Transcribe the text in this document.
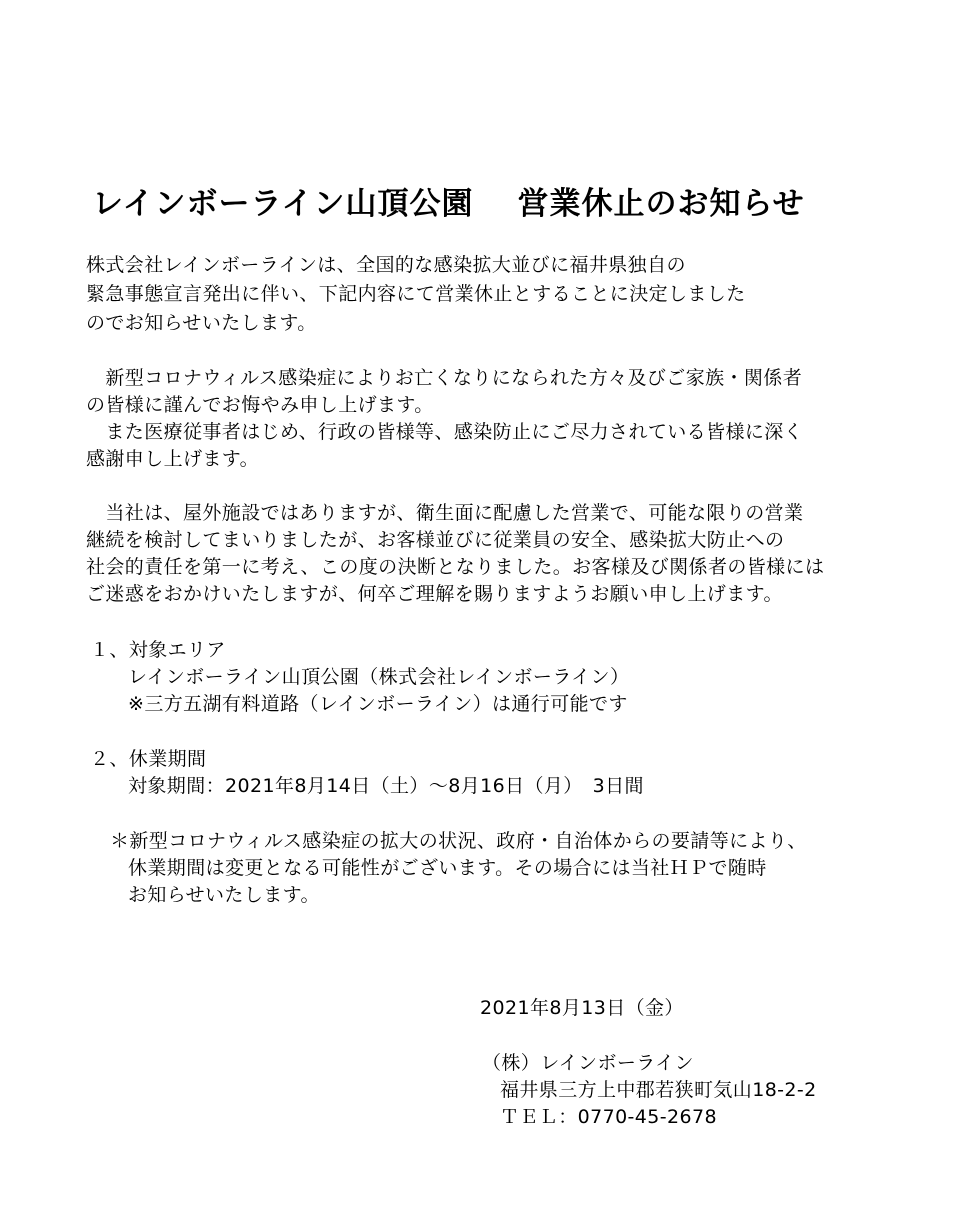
レインボーライン山頂公園 営業休止のお知らせ
株式会社レインボーラインは、全国的な感染拡大並びに福井県独自の
緊急事態宣言発出に伴い、下記内容にて営業休止とすることに決定しました
のでお知らせいたします。
　新型コロナウィルス感染症によりお亡くなりになられた方々及びご家族・関係者
の皆様に謹んでお悔やみ申し上げます。
　また医療従事者はじめ、行政の皆様等、感染防止にご尽力されている皆様に深く
感謝申し上げます。
　当社は、屋外施設ではありますが、衛生面に配慮した営業で、可能な限りの営業
継続を検討してまいりましたが、お客様並びに従業員の安全、感染拡大防止への
社会的責任を第一に考え、この度の決断となりました。お客様及び関係者の皆様には
ご迷惑をおかけいたしますが、何卒ご理解を賜りますようお願い申し上げます。
１、対象エリア
レインボーライン山頂公園（株式会社レインボーライン）
※三方五湖有料道路（レインボーライン）は通行可能です
２、休業期間
対象期間：2021年8月14日（土）～8月16日（月）　3日間
＊新型コロナウィルス感染症の拡大の状況、政府・自治体からの要請等により、
休業期間は変更となる可能性がございます。その場合には当社ＨＰで随時
お知らせいたします。
2021年8月13日（金）
（株）レインボーライン
福井県三方上中郡若狭町気山18-2-2
ＴＥＬ：0770-45-2678
